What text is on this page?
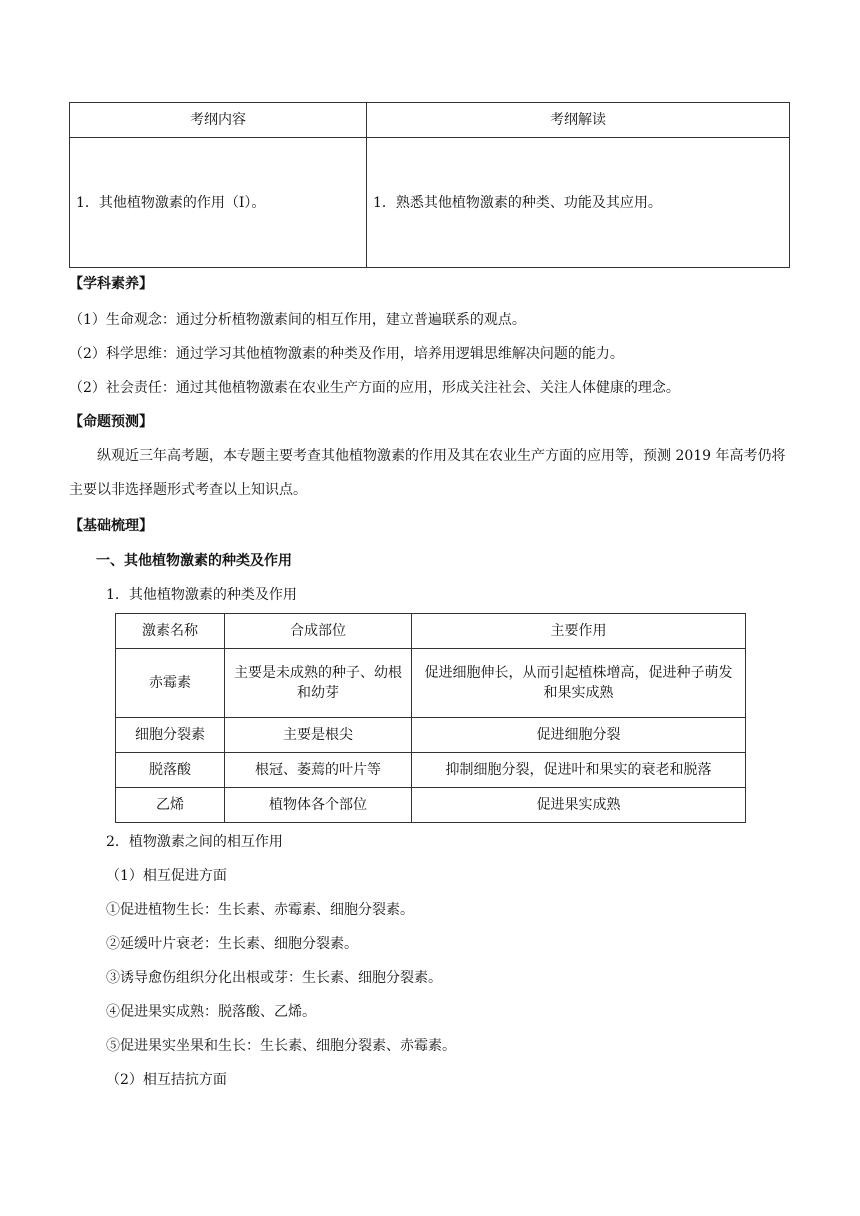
考纲内容	考纲解读
1．其他植物激素的作用（Ⅰ）。	1．熟悉其他植物激素的种类、功能及其应用。
【学科素养】
（1）生命观念：通过分析植物激素间的相互作用，建立普遍联系的观点。
（2）科学思维：通过学习其他植物激素的种类及作用，培养用逻辑思维解决问题的能力。
（2）社会责任：通过其他植物激素在农业生产方面的应用，形成关注社会、关注人体健康的理念。
【命题预测】
纵观近三年高考题，本专题主要考查其他植物激素的作用及其在农业生产方面的应用等，预测 2019 年高考仍将主要以非选择题形式考查以上知识点。
【基础梳理】
一、其他植物激素的种类及作用
1．其他植物激素的种类及作用
激素名称	合成部位	主要作用
赤霉素	主要是未成熟的种子、幼根和幼芽	促进细胞伸长，从而引起植株增高，促进种子萌发和果实成熟
细胞分裂素	主要是根尖	促进细胞分裂
脱落酸	根冠、萎蔫的叶片等	抑制细胞分裂，促进叶和果实的衰老和脱落
乙烯	植物体各个部位	促进果实成熟
2．植物激素之间的相互作用
（1）相互促进方面
①促进植物生长：生长素、赤霉素、细胞分裂素。
②延缓叶片衰老：生长素、细胞分裂素。
③诱导愈伤组织分化出根或芽：生长素、细胞分裂素。
④促进果实成熟：脱落酸、乙烯。
⑤促进果实坐果和生长：生长素、细胞分裂素、赤霉素。
（2）相互拮抗方面
